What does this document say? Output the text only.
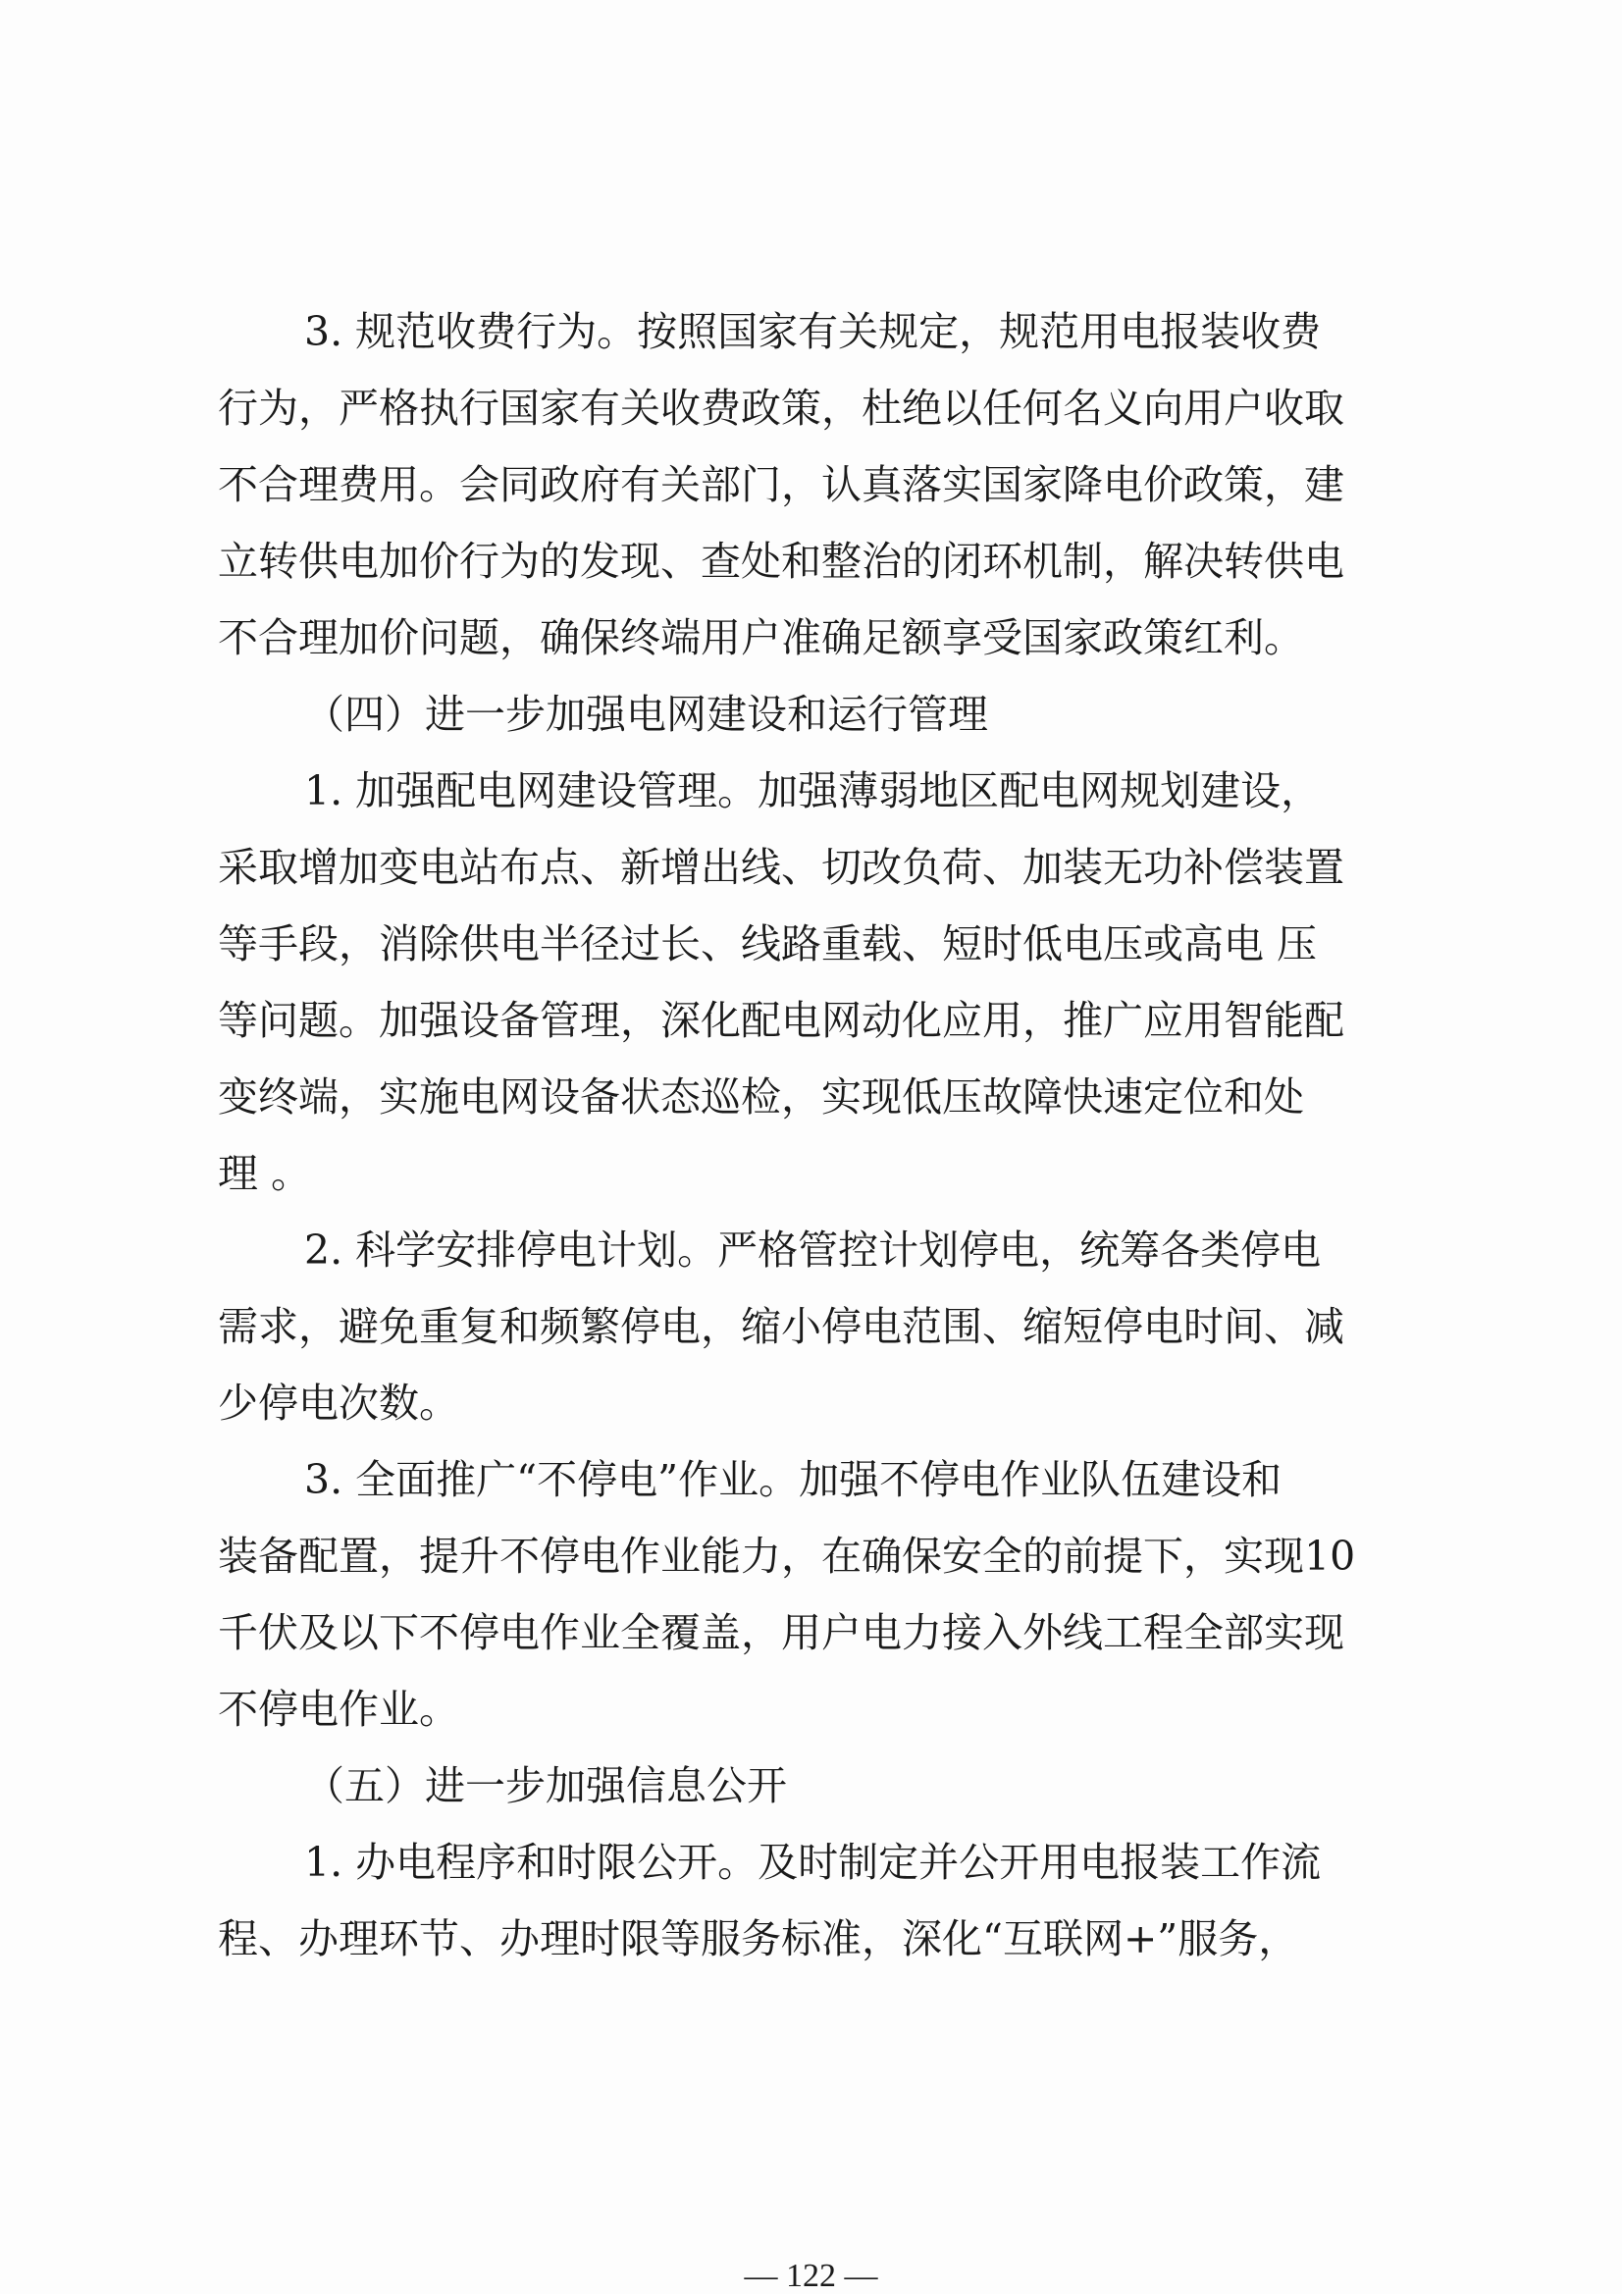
3. 规范收费行为。按照国家有关规定，规范用电报装收费
行为，严格执行国家有关收费政策，杜绝以任何名义向用户收取
不合理费用。会同政府有关部门，认真落实国家降电价政策，建
立转供电加价行为的发现、查处和整治的闭环机制，解决转供电
不合理加价问题，确保终端用户准确足额享受国家政策红利。
（四）进一步加强电网建设和运行管理
1. 加强配电网建设管理。加强薄弱地区配电网规划建设，
采取增加变电站布点、新增出线、切改负荷、加装无功补偿装置
等手段，消除供电半径过长、线路重载、短时低电压或高电 压
等问题。加强设备管理，深化配电网动化应用，推广应用智能配
变终端，实施电网设备状态巡检，实现低压故障快速定位和处
理 。
2. 科学安排停电计划。严格管控计划停电，统筹各类停电
需求，避免重复和频繁停电，缩小停电范围、缩短停电时间、减
少停电次数。
3. 全面推广“不停电”作业。加强不停电作业队伍建设和
装备配置，提升不停电作业能力，在确保安全的前提下，实现10
千伏及以下不停电作业全覆盖，用户电力接入外线工程全部实现
不停电作业。
（五）进一步加强信息公开
1. 办电程序和时限公开。及时制定并公开用电报装工作流
程、办理环节、办理时限等服务标准，深化“互联网+”服务，
— 122 —
